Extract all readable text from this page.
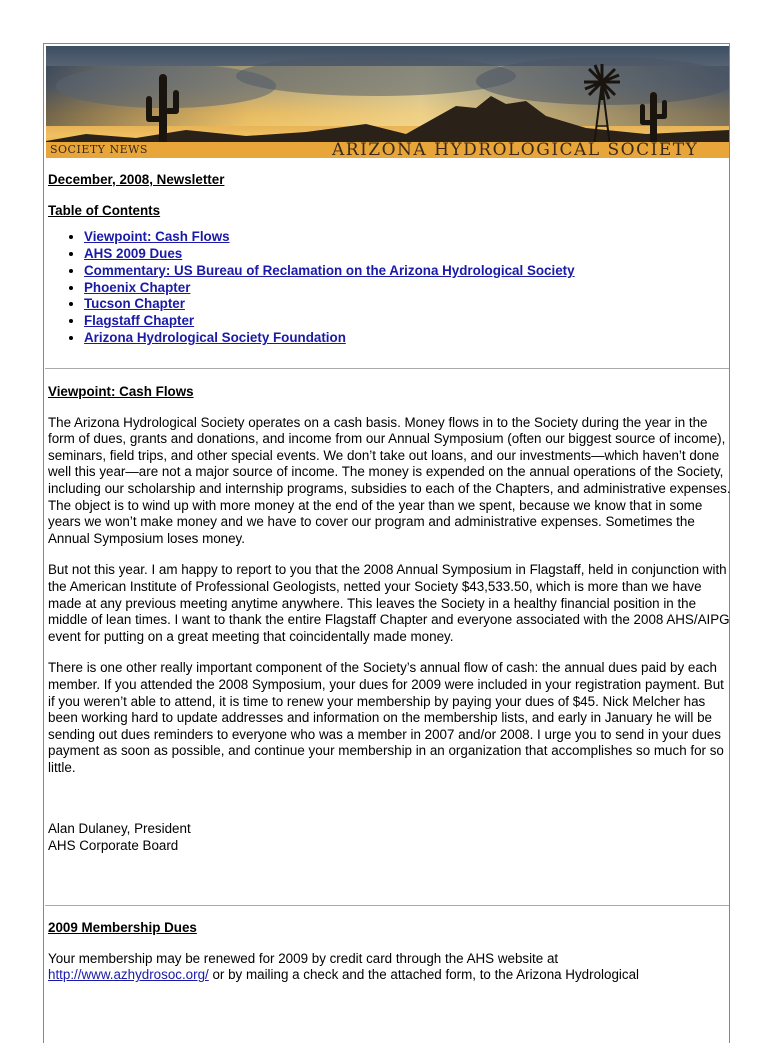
SOCIETY NEWS	ARIZONA HYDROLOGICAL SOCIETY

December, 2008, Newsletter

Table of Contents

• Viewpoint: Cash Flows
• AHS 2009 Dues
• Commentary: US Bureau of Reclamation on the Arizona Hydrological Society
• Phoenix Chapter
• Tucson Chapter
• Flagstaff Chapter
• Arizona Hydrological Society Foundation

Viewpoint: Cash Flows

The Arizona Hydrological Society operates on a cash basis. Money flows in to the Society during the year in the form of dues, grants and donations, and income from our Annual Symposium (often our biggest source of income), seminars, field trips, and other special events. We don’t take out loans, and our investments—which haven’t done well this year—are not a major source of income. The money is expended on the annual operations of the Society, including our scholarship and internship programs, subsidies to each of the Chapters, and administrative expenses. The object is to wind up with more money at the end of the year than we spent, because we know that in some years we won’t make money and we have to cover our program and administrative expenses. Sometimes the Annual Symposium loses money.

But not this year. I am happy to report to you that the 2008 Annual Symposium in Flagstaff, held in conjunction with the American Institute of Professional Geologists, netted your Society $43,533.50, which is more than we have made at any previous meeting anytime anywhere. This leaves the Society in a healthy financial position in the middle of lean times. I want to thank the entire Flagstaff Chapter and everyone associated with the 2008 AHS/AIPG event for putting on a great meeting that coincidentally made money.

There is one other really important component of the Society’s annual flow of cash: the annual dues paid by each member. If you attended the 2008 Symposium, your dues for 2009 were included in your registration payment. But if you weren’t able to attend, it is time to renew your membership by paying your dues of $45. Nick Melcher has been working hard to update addresses and information on the membership lists, and early in January he will be sending out dues reminders to everyone who was a member in 2007 and/or 2008. I urge you to send in your dues payment as soon as possible, and continue your membership in an organization that accomplishes so much for so little.

Alan Dulaney, President

AHS Corporate Board

2009 Membership Dues

Your membership may be renewed for 2009 by credit card through the AHS website at
http://www.azhydrosoc.org/ or by mailing a check and the attached form, to the Arizona Hydrological
